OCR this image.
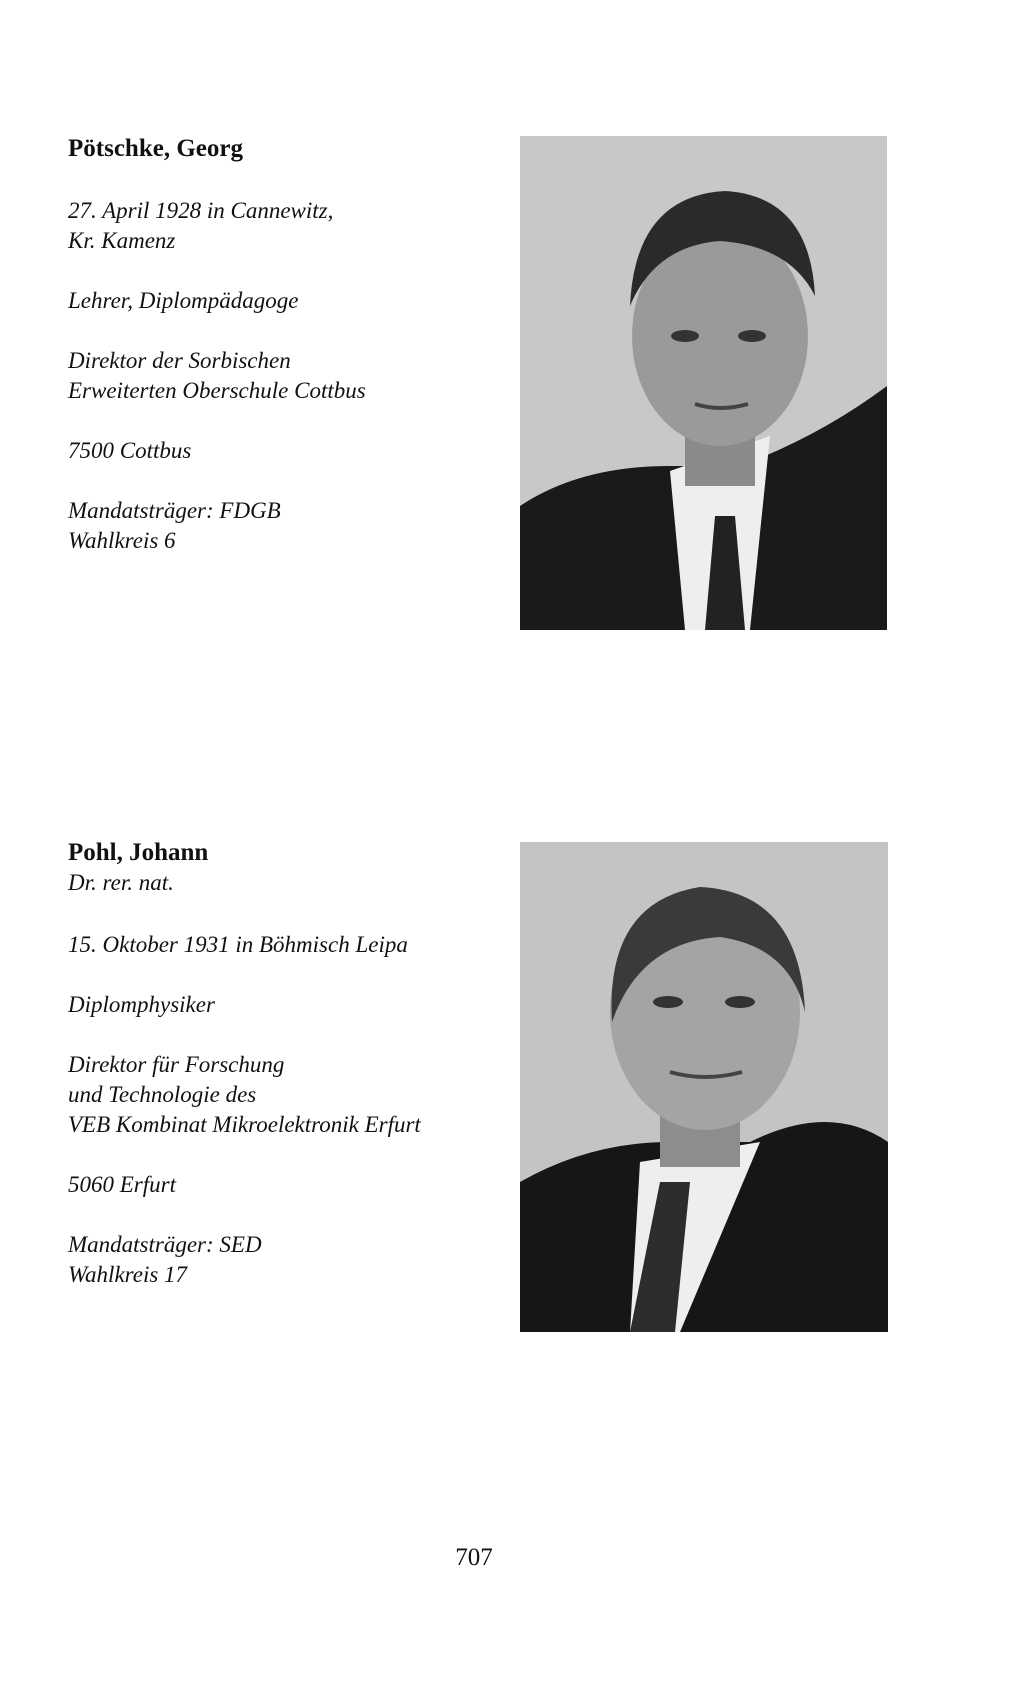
Pötschke, Georg

27. April 1928 in Cannewitz,

Kr. Kamenz

Lehrer, Diplompädagoge

Direktor der Sorbischen

Erweiterten Oberschule Cottbus

7500 Cottbus

Mandatsträger: FDGB

Wahlkreis 6

Pohl, Johann

Dr. rer. nat.

15. Oktober 1931 in Böhmisch Leipa

Diplomphysiker

Direktor für Forschung

und Technologie des

VEB Kombinat Mikroelektronik Erfurt

5060 Erfurt

Mandatsträger: SED

Wahlkreis 17

707
